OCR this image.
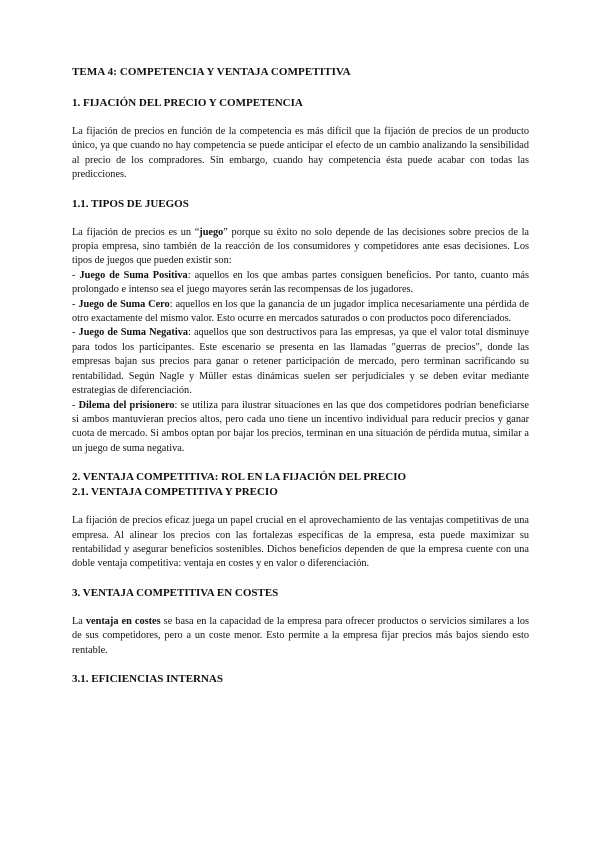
TEMA 4: COMPETENCIA Y VENTAJA COMPETITIVA

1. FIJACIÓN DEL PRECIO Y COMPETENCIA

La fijación de precios en función de la competencia es más difícil que la fijación de precios de un producto único, ya que cuando no hay competencia se puede anticipar el efecto de un cambio analizando la sensibilidad al precio de los compradores. Sin embargo, cuando hay competencia ésta puede acabar con todas las predicciones.

1.1. TIPOS DE JUEGOS

La fijación de precios es un “juego” porque su éxito no solo depende de las decisiones sobre precios de la propia empresa, sino también de la reacción de los consumidores y competidores ante esas decisiones. Los tipos de juegos que pueden existir son:

- Juego de Suma Positiva: aquellos en los que ambas partes consiguen beneficios. Por tanto, cuanto más prolongado e intenso sea el juego mayores serán las recompensas de los jugadores.

- Juego de Suma Cero: aquellos en los que la ganancia de un jugador implica necesariamente una pérdida de otro exactamente del mismo valor. Esto ocurre en mercados saturados o con productos poco diferenciados.

- Juego de Suma Negativa: aquellos que son destructivos para las empresas, ya que el valor total disminuye para todos los participantes. Este escenario se presenta en las llamadas "guerras de precios", donde las empresas bajan sus precios para ganar o retener participación de mercado, pero terminan sacrificando su rentabilidad. Según Nagle y Müller estas dinámicas suelen ser perjudiciales y se deben evitar mediante estrategias de diferenciación.

- Dilema del prisionero: se utiliza para ilustrar situaciones en las que dos competidores podrían beneficiarse si ambos mantuvieran precios altos, pero cada uno tiene un incentivo individual para reducir precios y ganar cuota de mercado. Si ambos optan por bajar los precios, terminan en una situación de pérdida mutua, similar a un juego de suma negativa.

2. VENTAJA COMPETITIVA: ROL EN LA FIJACIÓN DEL PRECIO

2.1. VENTAJA COMPETITIVA Y PRECIO

La fijación de precios eficaz juega un papel crucial en el aprovechamiento de las ventajas competitivas de una empresa. Al alinear los precios con las fortalezas específicas de la empresa, esta puede maximizar su rentabilidad y asegurar beneficios sostenibles. Dichos beneficios dependen de que la empresa cuente con una doble ventaja competitiva: ventaja en costes y en valor o diferenciación.

3. VENTAJA COMPETITIVA EN COSTES

La ventaja en costes se basa en la capacidad de la empresa para ofrecer productos o servicios similares a los de sus competidores, pero a un coste menor. Esto permite a la empresa fijar precios más bajos siendo esto rentable.

3.1. EFICIENCIAS INTERNAS
